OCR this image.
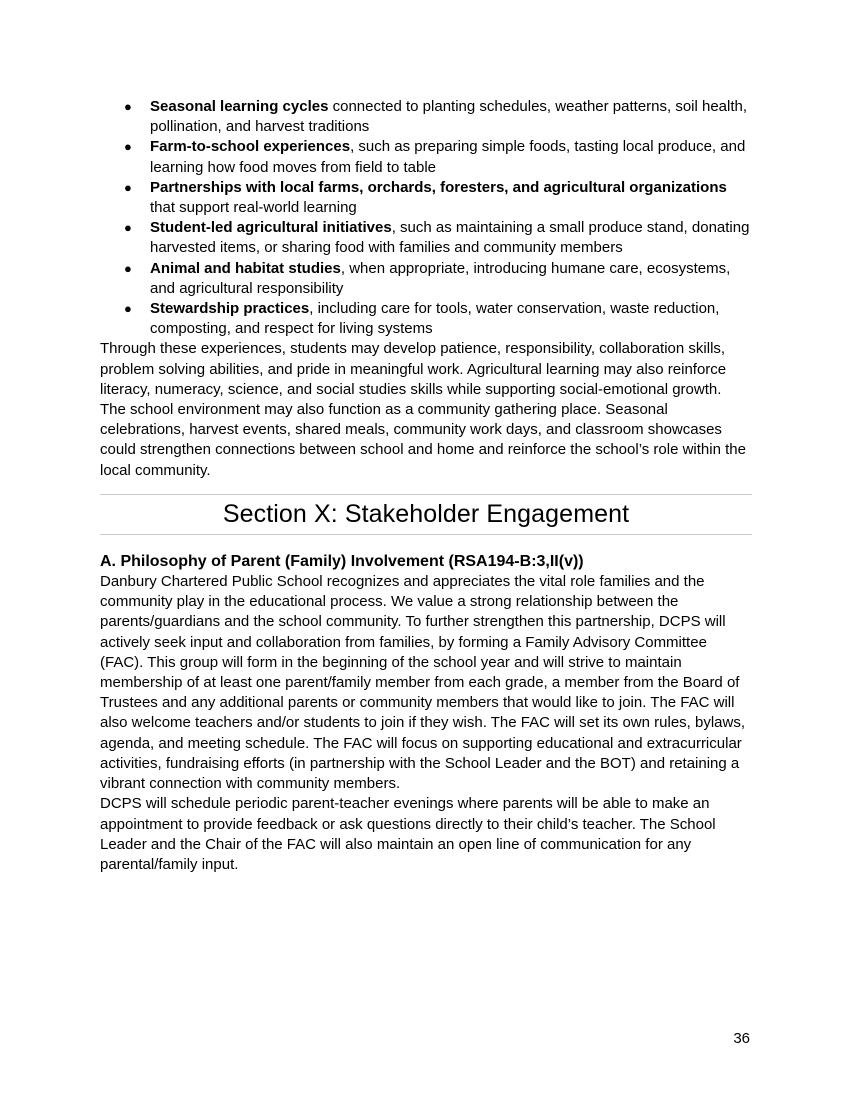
● Seasonal learning cycles connected to planting schedules, weather patterns, soil health, pollination, and harvest traditions
● Farm‑to‑school experiences, such as preparing simple foods, tasting local produce, and learning how food moves from field to table
● Partnerships with local farms, orchards, foresters, and agricultural organizations that support real‑world learning
● Student‑led agricultural initiatives, such as maintaining a small produce stand, donating harvested items, or sharing food with families and community members
● Animal and habitat studies, when appropriate, introducing humane care, ecosystems, and agricultural responsibility
● Stewardship practices, including care for tools, water conservation, waste reduction, composting, and respect for living systems

Through these experiences, students may develop patience, responsibility, collaboration skills, problem solving abilities, and pride in meaningful work. Agricultural learning may also reinforce literacy, numeracy, science, and social studies skills while supporting social‑emotional growth.

The school environment may also function as a community gathering place. Seasonal celebrations, harvest events, shared meals, community work days, and classroom showcases could strengthen connections between school and home and reinforce the school’s role within the local community.

Section X: Stakeholder Engagement
A. Philosophy of Parent (Family) Involvement (RSA194-B:3,II(v))

Danbury Chartered Public School recognizes and appreciates the vital role families and the community play in the educational process. We value a strong relationship between the parents/guardians and the school community. To further strengthen this partnership, DCPS will actively seek input and collaboration from families, by forming a Family Advisory Committee (FAC). This group will form in the beginning of the school year and will strive to maintain membership of at least one parent/family member from each grade, a member from the Board of Trustees and any additional parents or community members that would like to join. The FAC will also welcome teachers and/or students to join if they wish. The FAC will set its own rules, bylaws, agenda, and meeting schedule. The FAC will focus on supporting educational and extracurricular activities, fundraising efforts (in partnership with the School Leader and the BOT) and retaining a vibrant connection with community members.

DCPS will schedule periodic parent-teacher evenings where parents will be able to make an appointment to provide feedback or ask questions directly to their child’s teacher. The School Leader and the Chair of the FAC will also maintain an open line of communication for any parental/family input.

36
